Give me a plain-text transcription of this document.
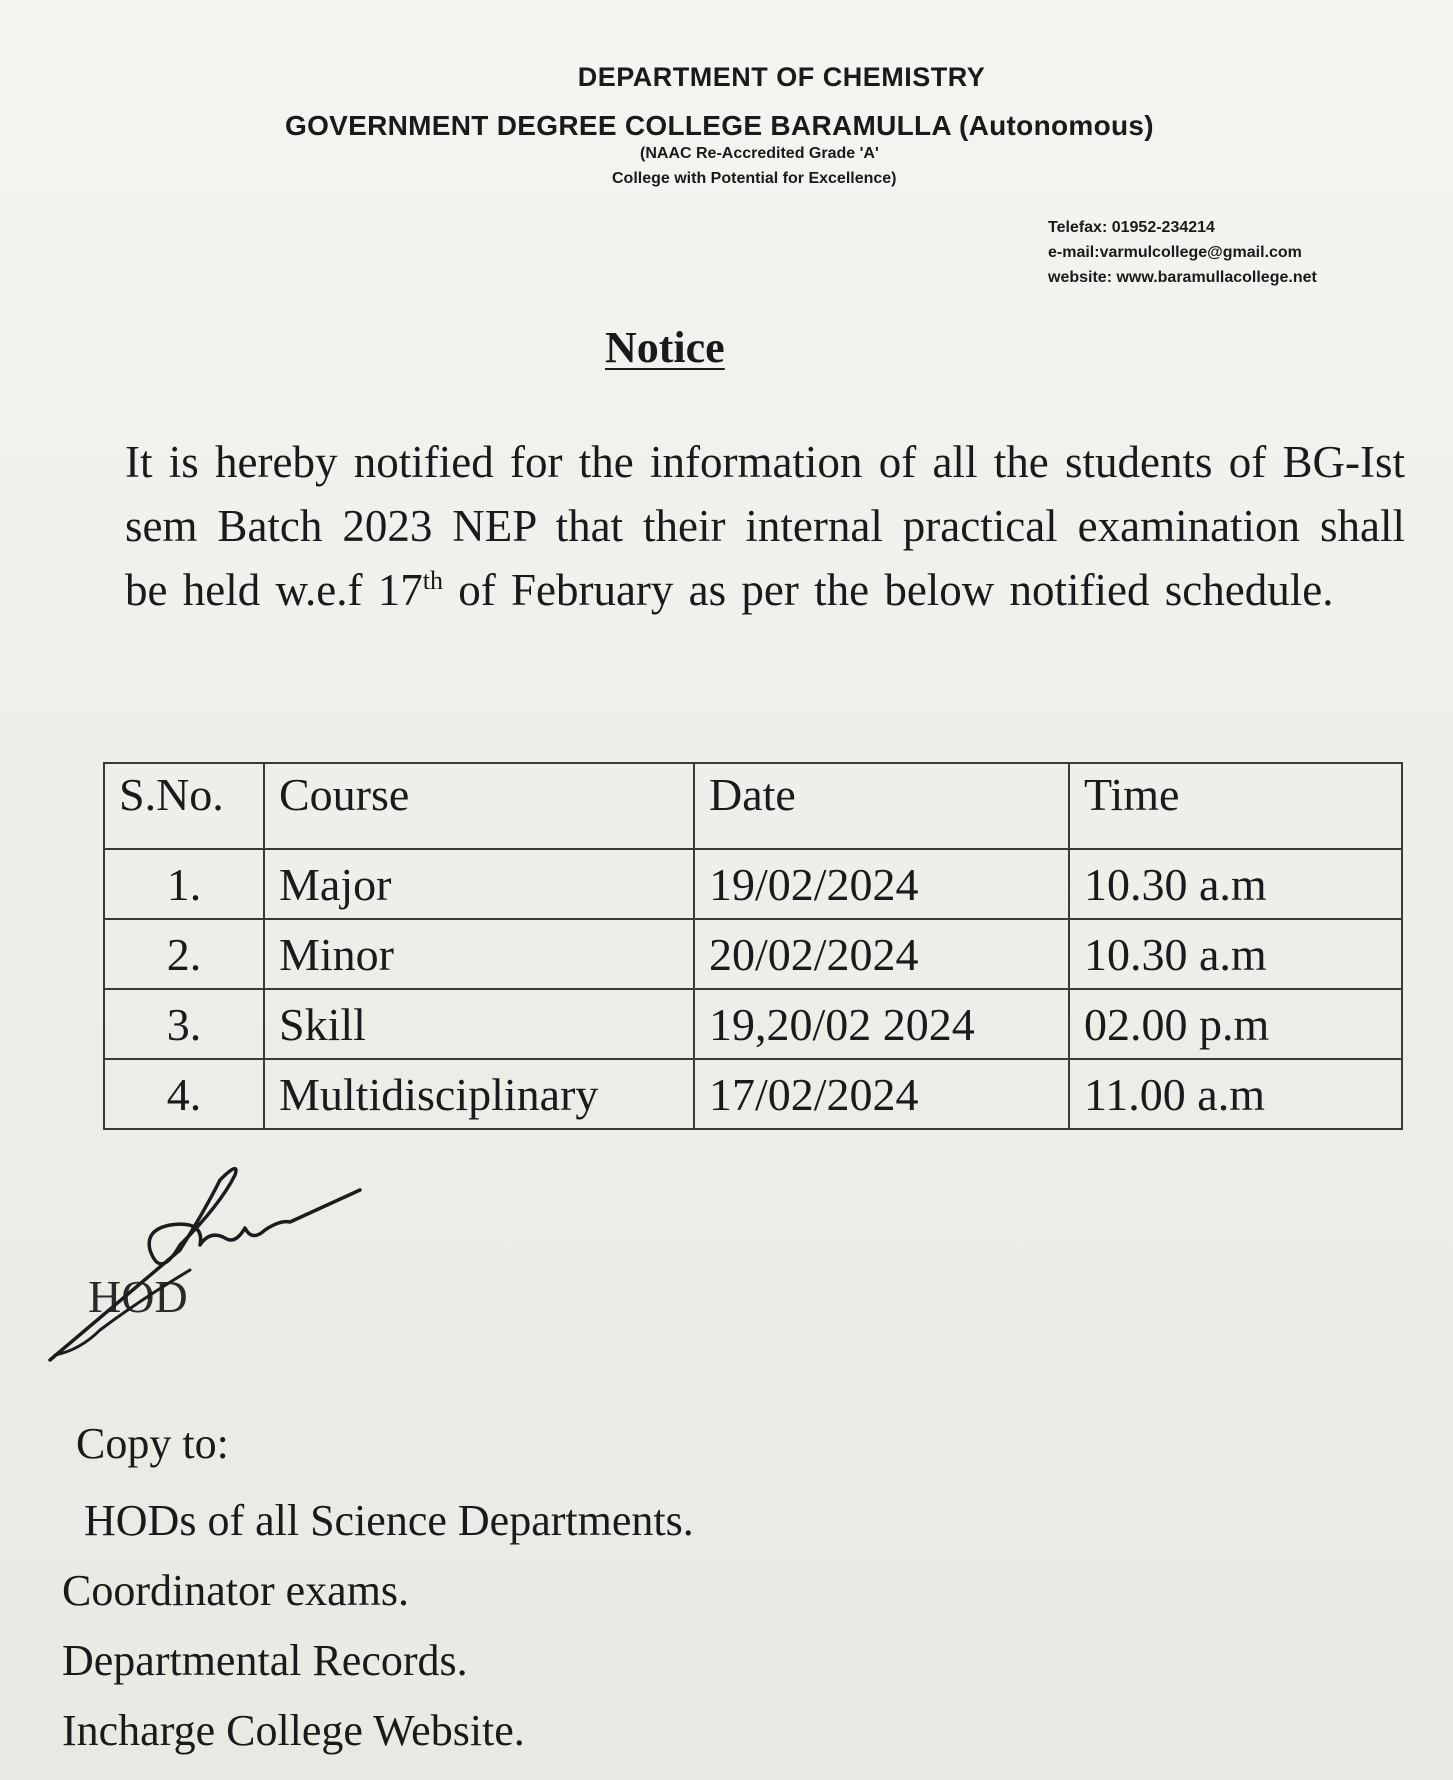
DEPARTMENT OF CHEMISTRY
GOVERNMENT DEGREE COLLEGE BARAMULLA (Autonomous)
(NAAC Re-Accredited Grade 'A'
College with Potential for Excellence)
Telefax: 01952-234214
e-mail:varmulcollege@gmail.com
website: www.baramullacollege.net
Notice
It is hereby notified for the information of all the students of BG-Ist sem Batch 2023 NEP that their internal practical examination shall be held w.e.f 17th of February as per the below notified schedule.
S.No.	Course	Date	Time
1.	Major	19/02/2024	10.30 a.m
2.	Minor	20/02/2024	10.30 a.m
3.	Skill	19,20/02 2024	02.00 p.m
4.	Multidisciplinary	17/02/2024	11.00 a.m
HOD
Copy to:
HODs of all Science Departments.
Coordinator exams.
Departmental Records.
Incharge College Website.
